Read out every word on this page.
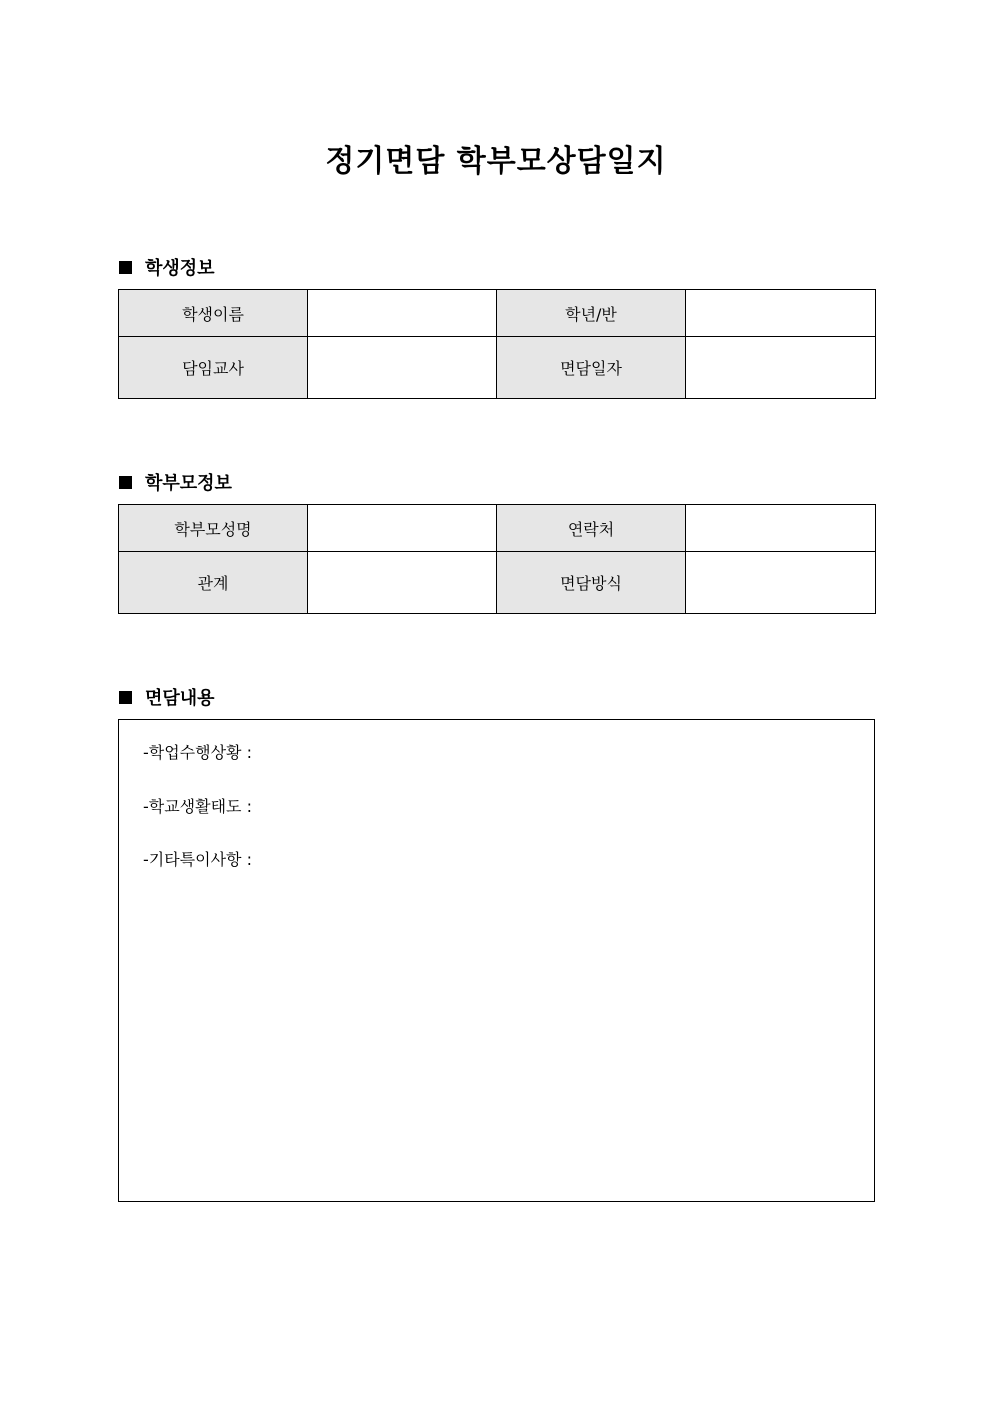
정기면담 학부모상담일지
학생정보
학생이름		학년/반	
담임교사		면담일자	
학부모정보
학부모성명		연락처	
관계		면담방식	
면담내용

-학업수행상황 :

-학교생활태도 :

-기타특이사항 :
